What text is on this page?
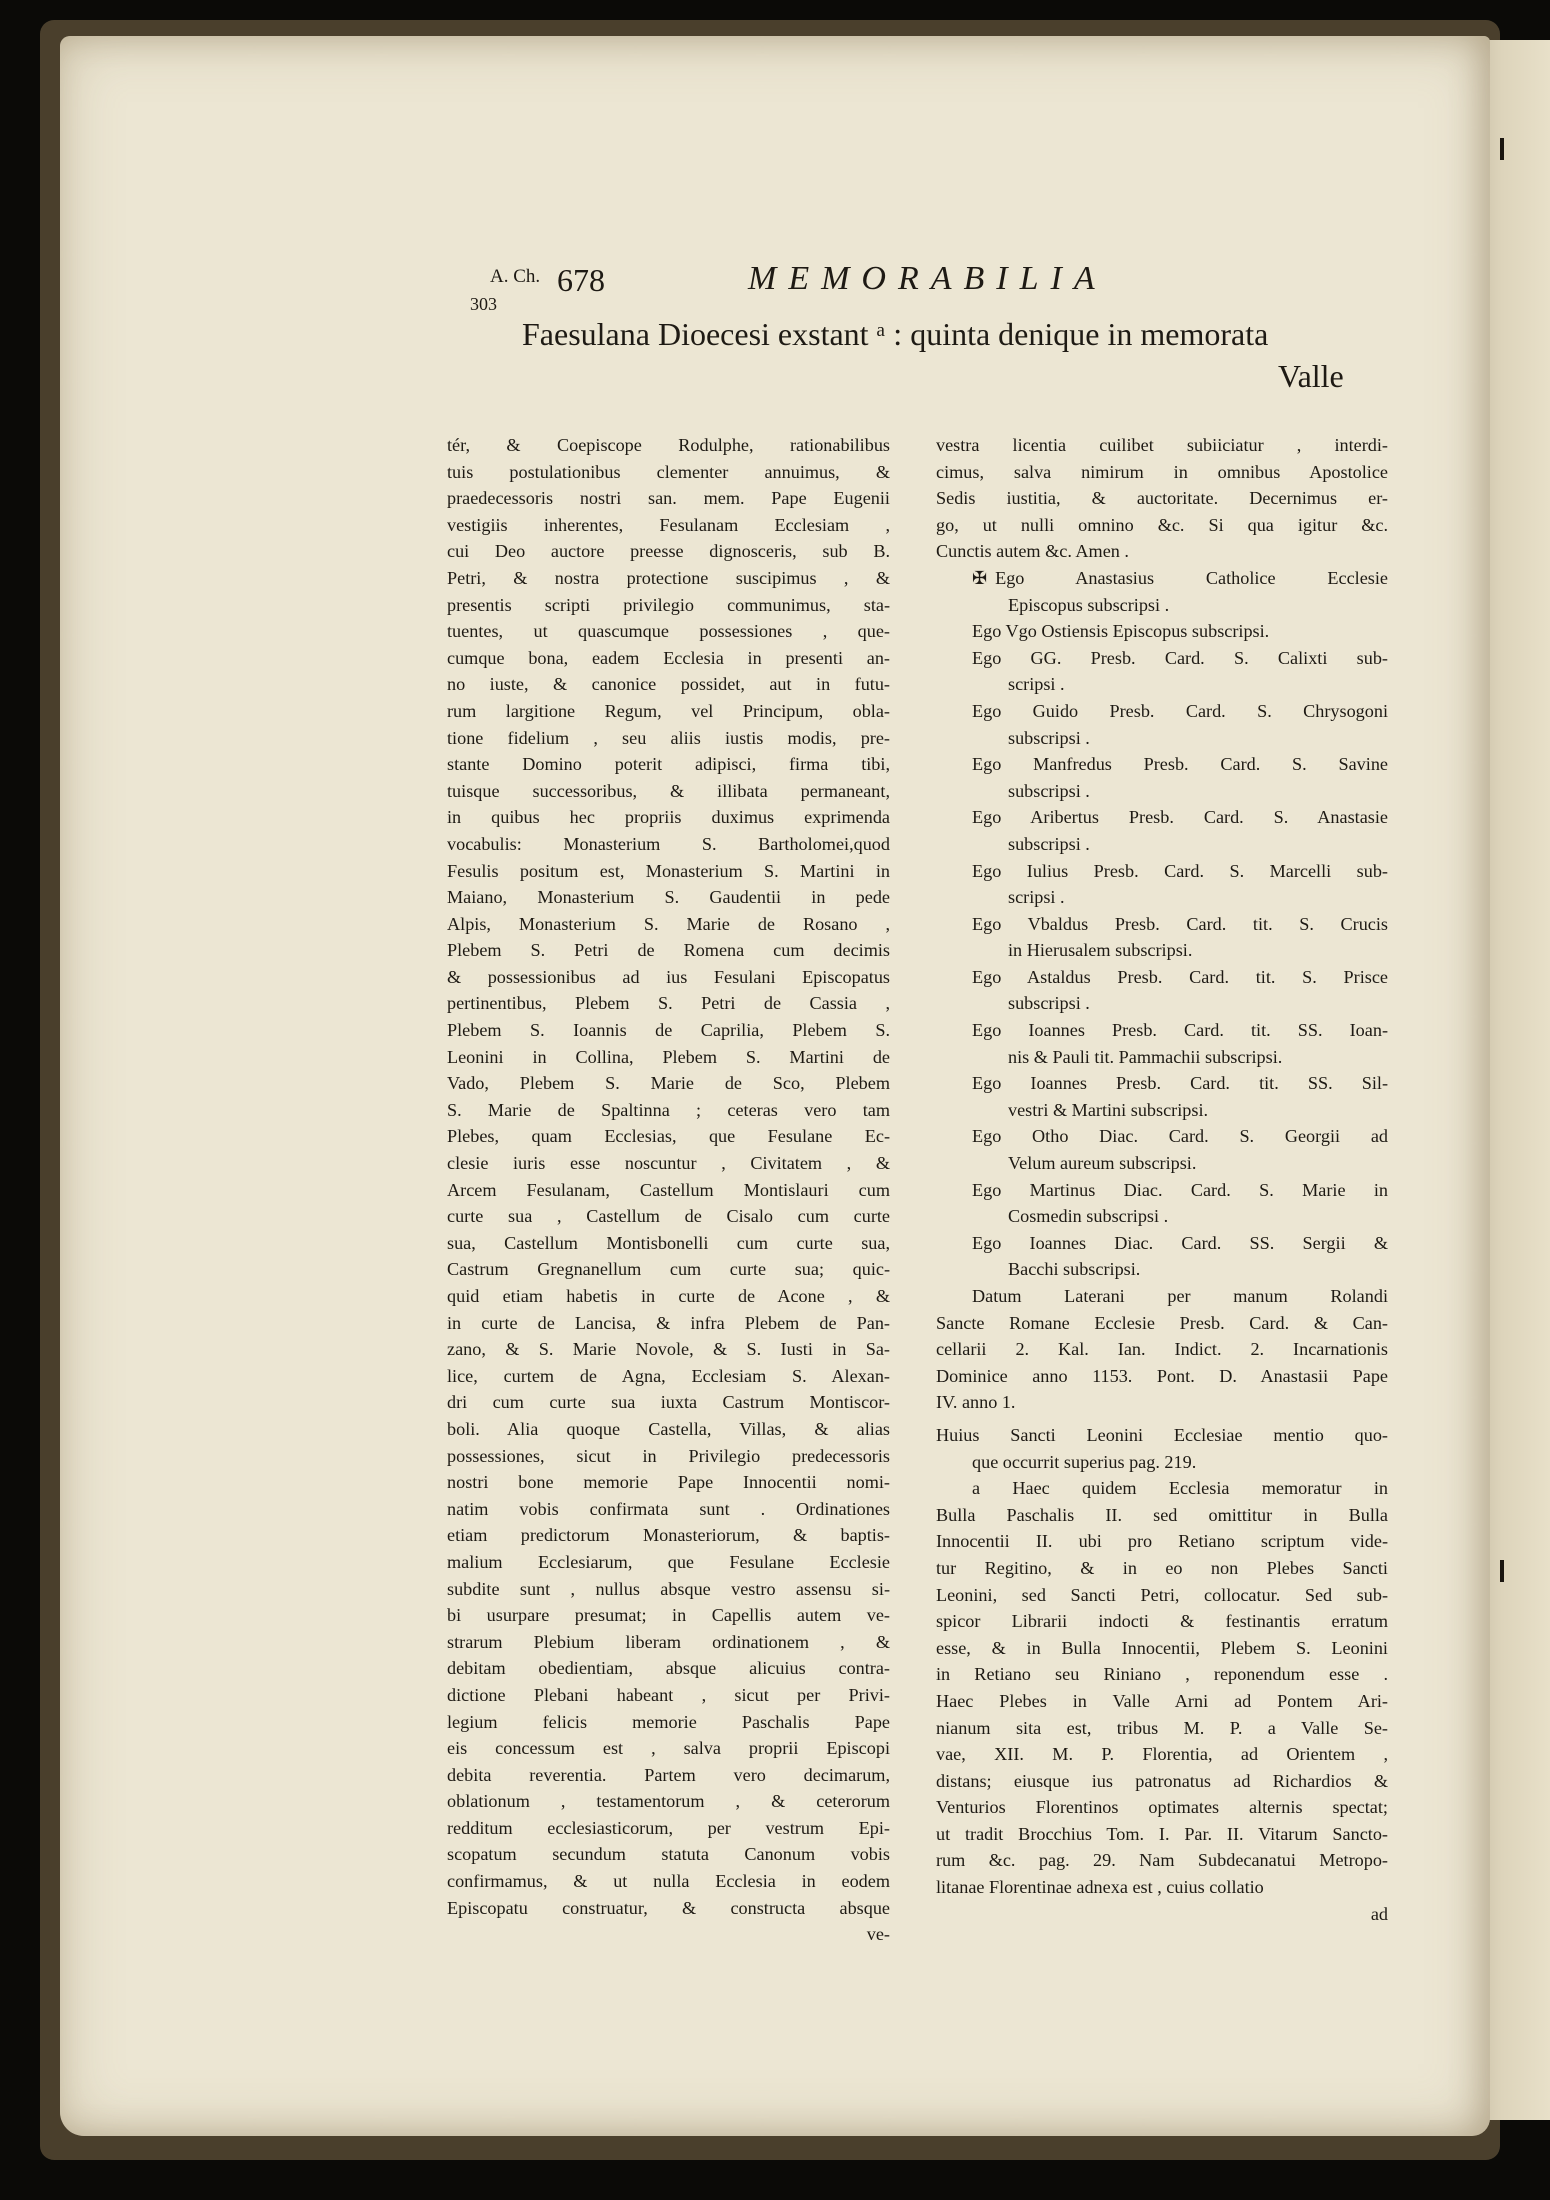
A. Ch.
303
678	MEMORABILIA
Faesulana Dioecesi exstant ᵃ : quinta denique in memorata
Valle
tér, & Coepiscope Rodulphe, rationabilibus
tuis postulationibus clementer annuimus, &
praedecessoris nostri san. mem. Pape Eugenii
vestigiis inherentes, Fesulanam Ecclesiam ,
cui Deo auctore preesse dignosceris, sub B.
Petri, & nostra protectione suscipimus , &
presentis scripti privilegio communimus, sta-
tuentes, ut quascumque possessiones , que-
cumque bona, eadem Ecclesia in presenti an-
no iuste, & canonice possidet, aut in futu-
rum largitione Regum, vel Principum, obla-
tione fidelium , seu aliis iustis modis, pre-
stante Domino poterit adipisci, firma tibi,
tuisque successoribus, & illibata permaneant,
in quibus hec propriis duximus exprimenda
vocabulis: Monasterium S. Bartholomei,quod
Fesulis positum est, Monasterium S. Martini in
Maiano, Monasterium S. Gaudentii in pede
Alpis, Monasterium S. Marie de Rosano ,
Plebem S. Petri de Romena cum decimis
& possessionibus ad ius Fesulani Episcopatus
pertinentibus, Plebem S. Petri de Cassia ,
Plebem S. Ioannis de Caprilia, Plebem S.
Leonini in Collina, Plebem S. Martini de
Vado, Plebem S. Marie de Sco, Plebem
S. Marie de Spaltinna ; ceteras vero tam
Plebes, quam Ecclesias, que Fesulane Ec-
clesie iuris esse noscuntur , Civitatem , &
Arcem Fesulanam, Castellum Montislauri cum
curte sua , Castellum de Cisalo cum curte
sua, Castellum Montisbonelli cum curte sua,
Castrum Gregnanellum cum curte sua; quic-
quid etiam habetis in curte de Acone , &
in curte de Lancisa, & infra Plebem de Pan-
zano, & S. Marie Novole, & S. Iusti in Sa-
lice, curtem de Agna, Ecclesiam S. Alexan-
dri cum curte sua iuxta Castrum Montiscor-
boli. Alia quoque Castella, Villas, & alias
possessiones, sicut in Privilegio predecessoris
nostri bone memorie Pape Innocentii nomi-
natim vobis confirmata sunt . Ordinationes
etiam predictorum Monasteriorum, & baptis-
malium Ecclesiarum, que Fesulane Ecclesie
subdite sunt , nullus absque vestro assensu si-
bi usurpare presumat; in Capellis autem ve-
strarum Plebium liberam ordinationem , &
debitam obedientiam, absque alicuius contra-
dictione Plebani habeant , sicut per Privi-
legium felicis memorie Paschalis Pape
eis concessum est , salva proprii Episcopi
debita reverentia. Partem vero decimarum,
oblationum , testamentorum , & ceterorum
redditum ecclesiasticorum, per vestrum Epi-
scopatum secundum statuta Canonum vobis
confirmamus, & ut nulla Ecclesia in eodem
Episcopatu construatur, & constructa absque
ve-
vestra licentia cuilibet subiiciatur , interdi-
cimus, salva nimirum in omnibus Apostolice
Sedis iustitia, & auctoritate. Decernimus er-
go, ut nulli omnino &c. Si qua igitur &c.
Cunctis autem &c. Amen .
✠ Ego Anastasius Catholice Ecclesie
Episcopus subscripsi .
Ego Vgo Ostiensis Episcopus subscripsi.
Ego GG. Presb. Card. S. Calixti sub-
scripsi .
Ego Guido Presb. Card. S. Chrysogoni
subscripsi .
Ego Manfredus Presb. Card. S. Savine
subscripsi .
Ego Aribertus Presb. Card. S. Anastasie
subscripsi .
Ego Iulius Presb. Card. S. Marcelli sub-
scripsi .
Ego Vbaldus Presb. Card. tit. S. Crucis
in Hierusalem subscripsi.
Ego Astaldus Presb. Card. tit. S. Prisce
subscripsi .
Ego Ioannes Presb. Card. tit. SS. Ioan-
nis & Pauli tit. Pammachii subscripsi.
Ego Ioannes Presb. Card. tit. SS. Sil-
vestri & Martini subscripsi.
Ego Otho Diac. Card. S. Georgii ad
Velum aureum subscripsi.
Ego Martinus Diac. Card. S. Marie in
Cosmedin subscripsi .
Ego Ioannes Diac. Card. SS. Sergii &
Bacchi subscripsi.
Datum Laterani per manum Rolandi
Sancte Romane Ecclesie Presb. Card. & Can-
cellarii 2. Kal. Ian. Indict. 2. Incarnationis
Dominice anno 1153. Pont. D. Anastasii Pape
IV. anno 1.
Huius Sancti Leonini Ecclesiae mentio quo-
que occurrit superius pag. 219.
a Haec quidem Ecclesia memoratur in
Bulla Paschalis II. sed omittitur in Bulla
Innocentii II. ubi pro Retiano scriptum vide-
tur Regitino, & in eo non Plebes Sancti
Leonini, sed Sancti Petri, collocatur. Sed sub-
spicor Librarii indocti & festinantis erratum
esse, & in Bulla Innocentii, Plebem S. Leonini
in Retiano seu Riniano , reponendum esse .
Haec Plebes in Valle Arni ad Pontem Ari-
nianum sita est, tribus M. P. a Valle Se-
vae, XII. M. P. Florentia, ad Orientem ,
distans; eiusque ius patronatus ad Richardios &
Venturios Florentinos optimates alternis spectat;
ut tradit Brocchius Tom. I. Par. II. Vitarum Sancto-
rum &c. pag. 29. Nam Subdecanatui Metropo-
litanae Florentinae adnexa est , cuius collatio
ad
